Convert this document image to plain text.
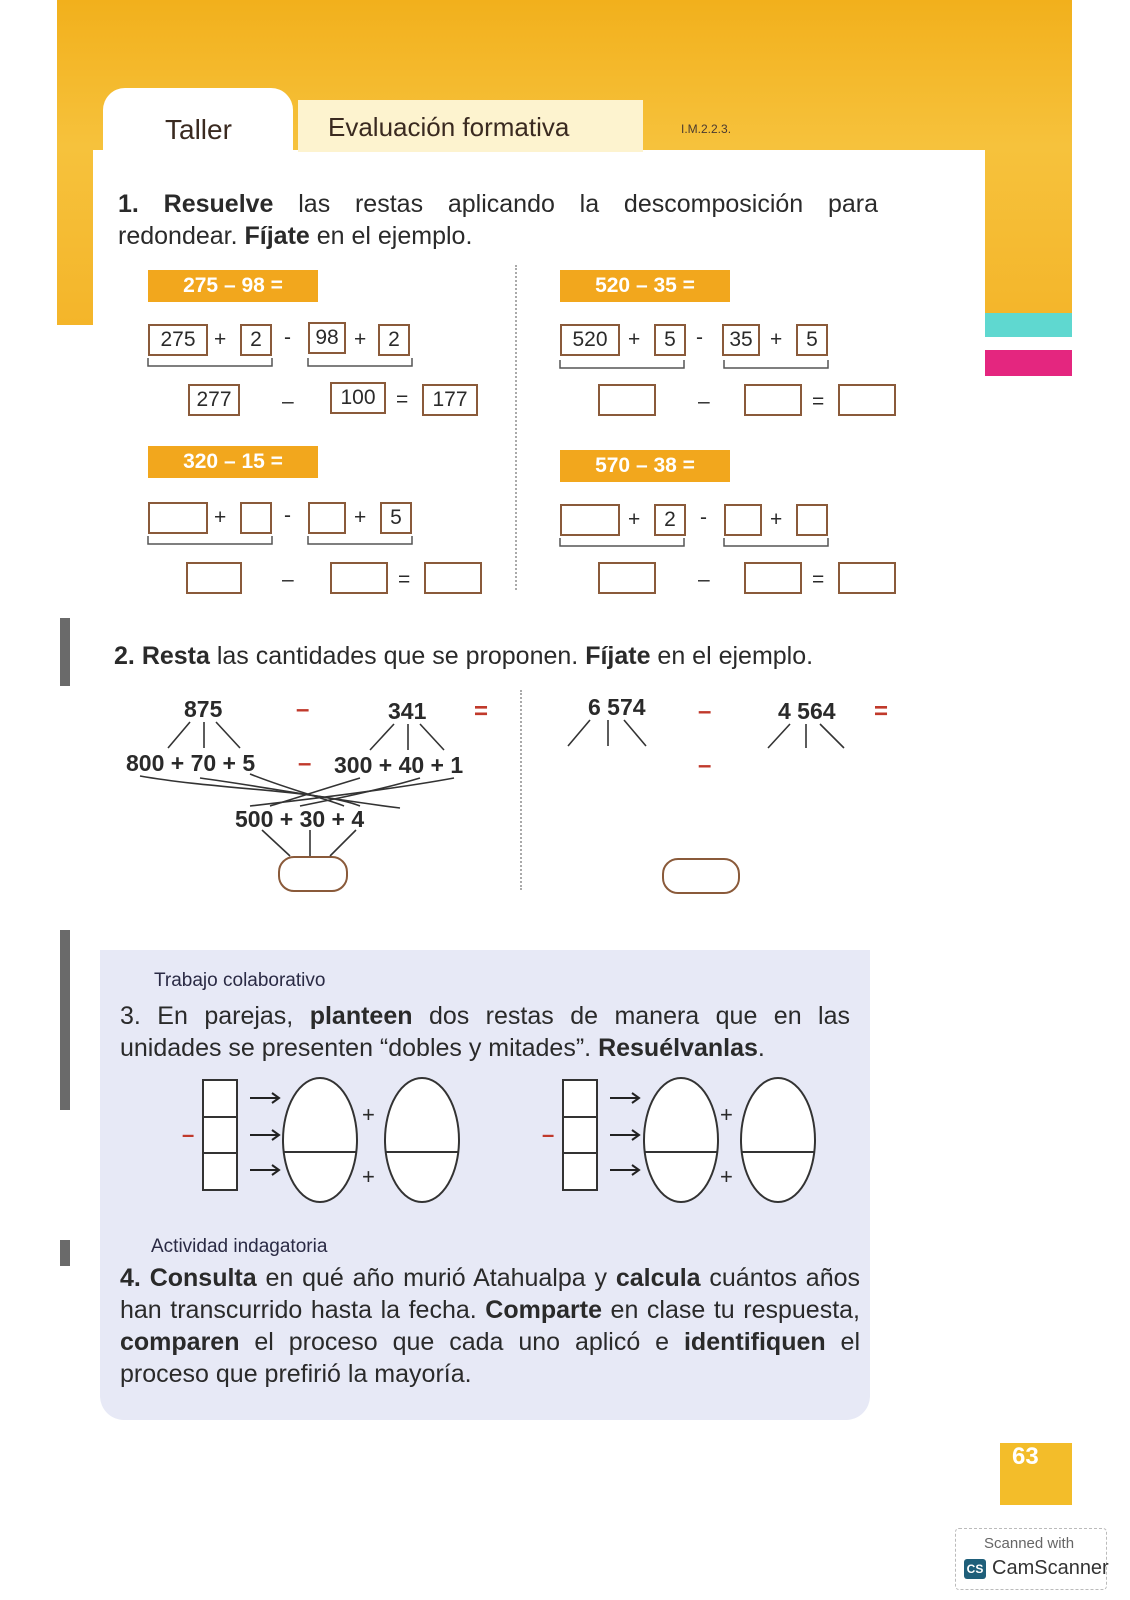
63
Taller	Evaluación formativa	I.M.2.2.3.
1. Resuelve las restas aplicando la descomposición para redondear. Fíjate en el ejemplo.
275 – 98 =
275 +	2	-	98 +	2
277	–	100 =	177
520 – 35 =
520 +	5 -	35 +	5
–	=
320 – 15 =
+	-	+	5
–	=
570 – 38 =
+	2	-	+
–	=
2. Resta las cantidades que se proponen. Fíjate en el ejemplo.
875	–	341 =
800 + 70 + 5 – 300 + 40 + 1
500 + 30 + 4
6 574 –	4 564 =
–
Trabajo colaborativo
3. En parejas, planteen dos restas de manera que en las unidades se presenten “dobles y mitades”. Resuélvanlas.
+
+
–
+
+
–
Actividad indagatoria
4. Consulta en qué año murió Atahualpa y calcula cuántos años han transcurrido hasta la fecha. Comparte en clase tu respuesta, comparen el proceso que cada uno aplicó e identifiquen el proceso que prefirió la mayoría.
Scanned with
CS CamScanner
